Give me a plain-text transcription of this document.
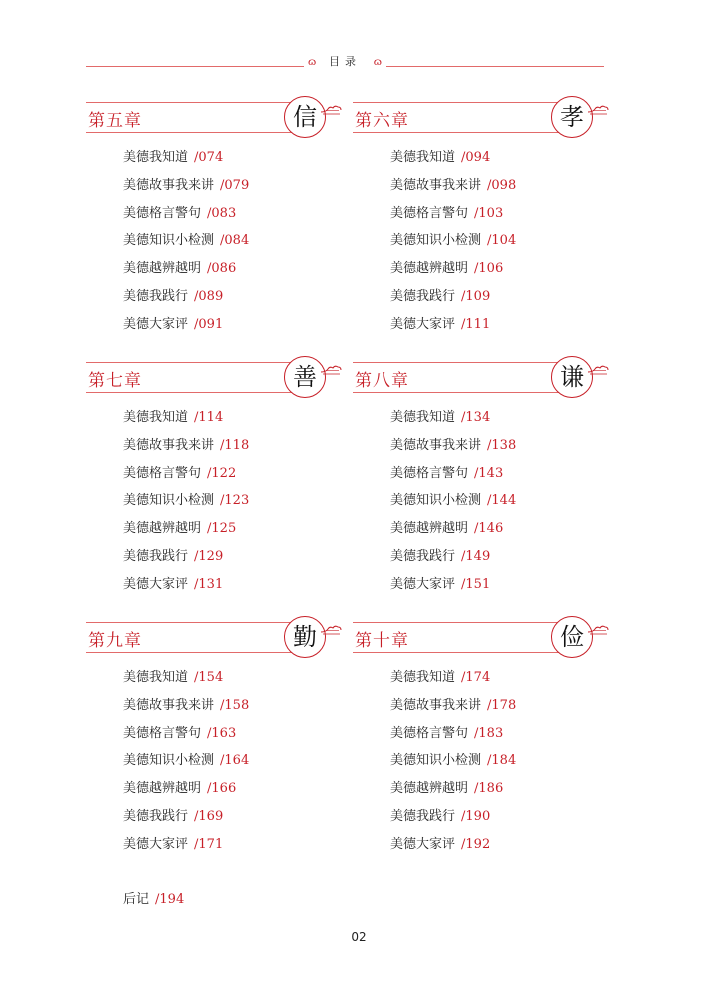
ɷ	目录	ɷ
第五章	信
美德我知道 /074
美德故事我来讲 /079
美德格言警句 /083
美德知识小检测 /084
美德越辨越明 /086
美德我践行 /089
美德大家评 /091
第六章	孝
美德我知道 /094
美德故事我来讲 /098
美德格言警句 /103
美德知识小检测 /104
美德越辨越明 /106
美德我践行 /109
美德大家评 /111
第七章	善
美德我知道 /114
美德故事我来讲 /118
美德格言警句 /122
美德知识小检测 /123
美德越辨越明 /125
美德我践行 /129
美德大家评 /131
第八章	谦
美德我知道 /134
美德故事我来讲 /138
美德格言警句 /143
美德知识小检测 /144
美德越辨越明 /146
美德我践行 /149
美德大家评 /151
第九章	勤
美德我知道 /154
美德故事我来讲 /158
美德格言警句 /163
美德知识小检测 /164
美德越辨越明 /166
美德我践行 /169
美德大家评 /171
第十章	俭
美德我知道 /174
美德故事我来讲 /178
美德格言警句 /183
美德知识小检测 /184
美德越辨越明 /186
美德我践行 /190
美德大家评 /192
后记 /194
02
